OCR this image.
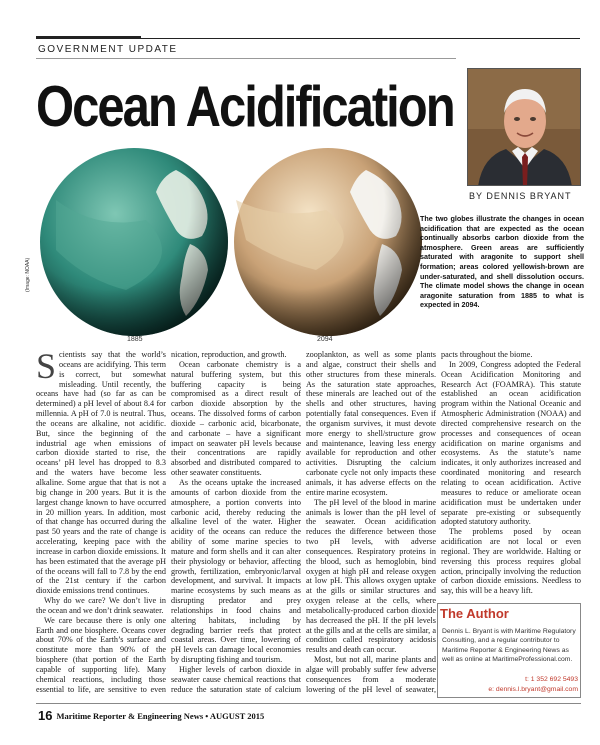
GOVERNMENT UPDATE
Ocean Acidification
BY DENNIS BRYANT
(Image: NOAA)
1885	2094
The two globes illustrate the changes in ocean acidification that are expected as the ocean continually absorbs carbon dioxide from the atmosphere. Green areas are sufficiently saturated with aragonite to support shell formation; areas colored yellowish-brown are under-saturated, and shell dissolution occurs. The climate model shows the change in ocean aragonite saturation from 1885 to what is expected in 2094.

Scientists say that the world’s oceans are acidifying. This term is correct, but somewhat misleading. Until recently, the oceans have had (so far as can be determined) a pH level of about 8.4 for millennia. A pH of 7.0 is neutral. Thus, the oceans are alkaline, not acidific. But, since the beginning of the industrial age when emissions of carbon dioxide started to rise, the oceans’ pH level has dropped to 8.3 and the waters have become less alkaline. Some argue that that is not a big change in 200 years. But it is the largest change known to have occurred in 20 million years. In addition, most of that change has occurred during the past 50 years and the rate of change is accelerating, keeping pace with the increase in carbon dioxide emissions. It has been estimated that the average pH of the oceans will fall to 7.8 by the end of the 21st century if the carbon dioxide emissions trend continues.

Why do we care? We don’t live in the ocean and we don’t drink seawater.

We care because there is only one Earth and one biosphere. Oceans cover about 70% of the Earth’s surface and constitute more than 90% of the biosphere (that portion of the Earth capable of supporting life). Many chemical reactions, including those essential to life, are sensitive to even

nication, reproduction, and growth.

Ocean carbonate chemistry is a natural buffering system, but this buffering capacity is being compromised as a direct result of carbon dioxide absorption by the oceans. The dissolved forms of carbon dioxide – carbonic acid, bicarbonate, and carbonate – have a significant impact on seawater pH levels because their concentrations are rapidly absorbed and distributed compared to other seawater constituents.

As the oceans uptake the increased amounts of carbon dioxide from the atmosphere, a portion converts into carbonic acid, thereby reducing the alkaline level of the water. Higher acidity of the oceans can reduce the ability of some marine species to mature and form shells and it can alter their physiology or behavior, affecting growth, fertilization, embryonic/larval development, and survival. It impacts marine ecosystems by such means as disrupting predator and prey relationships in food chains and altering habitats, including by degrading barrier reefs that protect coastal areas. Over time, lowering of pH levels can damage local economies by disrupting fishing and tourism.

Higher levels of carbon dioxide in seawater cause chemical reactions that reduce the saturation state of calcium

zooplankton, as well as some plants and algae, construct their shells and other structures from these minerals. As the saturation state approaches, these minerals are leached out of the shells and other structures, having potentially fatal consequences. Even if the organism survives, it must devote more energy to shell/structure grow and maintenance, leaving less energy available for reproduction and other activities. Disrupting the calcium carbonate cycle not only impacts these animals, it has adverse effects on the entire marine ecosystem.

The pH level of the blood in marine animals is lower than the pH level of the seawater. Ocean acidification reduces the difference between those two pH levels, with adverse consequences. Respiratory proteins in the blood, such as hemoglobin, bind oxygen at high pH and release oxygen at low pH. This allows oxygen uptake at the gills or similar structures and oxygen release at the cells, where metabolically-produced carbon dioxide has decreased the pH. If the pH levels at the gills and at the cells are similar, a condition called respiratory acidosis results and death can occur.

Most, but not all, marine plants and algae will probably suffer few adverse consequences from a moderate lowering of the pH level of seawater,

pacts throughout the biome.

In 2009, Congress adopted the Federal Ocean Acidification Monitoring and Research Act (FOAMRA). This statute established an ocean acidification program within the National Oceanic and Atmospheric Administration (NOAA) and directed comprehensive research on the processes and consequences of ocean acidification on marine organisms and ecosystems. As the statute’s name indicates, it only authorizes increased and coordinated monitoring and research relating to ocean acidification. Active measures to reduce or ameliorate ocean acidification must be undertaken under separate pre-existing or subsequently adopted statutory authority.

The problems posed by ocean acidification are not local or even regional. They are worldwide. Halting or reversing this process requires global action, principally involving the reduction of carbon dioxide emissions. Needless to say, this will be a heavy lift.

The Author
Dennis L. Bryant is with Maritime Regulatory Consulting, and a regular contributor to Maritime Reporter & Engineering News as well as online at MaritimeProfessional.com.
t: 1 352 692 5493
e: dennis.l.bryant@gmail.com
16 Maritime Reporter & Engineering News • AUGUST 2015
